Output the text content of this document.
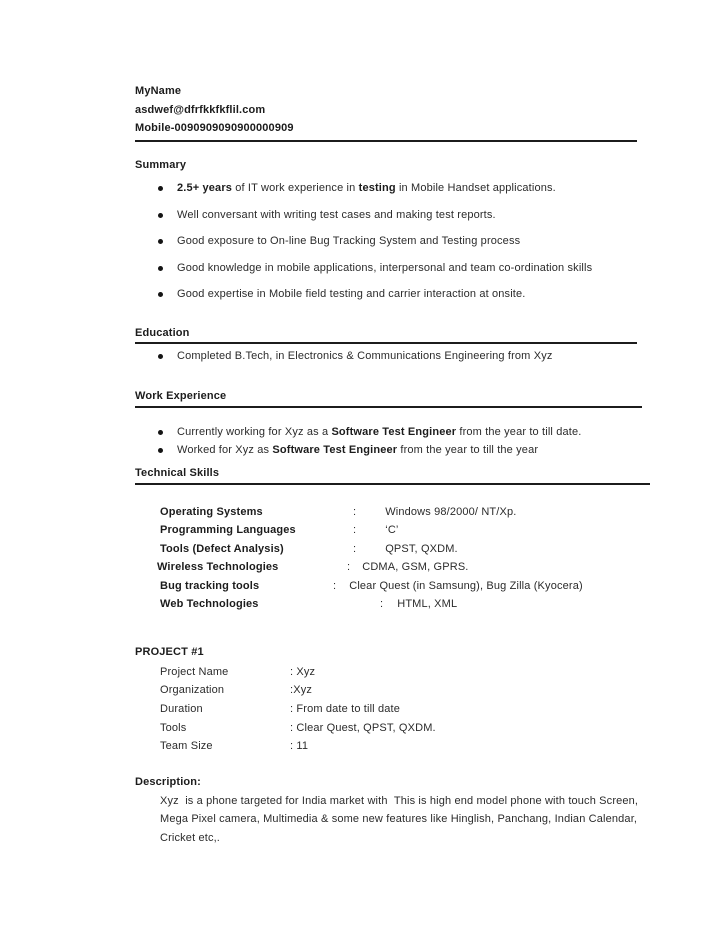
MyName
asdwef@dfrfkkfkflil.com
Mobile-0090909090900000909
Summary
2.5+ years of IT work experience in testing in Mobile Handset applications.
Well conversant with writing test cases and making test reports.
Good exposure to On-line Bug Tracking System and Testing process
Good knowledge in mobile applications, interpersonal and team co-ordination skills
Good expertise in Mobile field testing and carrier interaction at onsite.
Education
Completed B.Tech, in Electronics & Communications Engineering from Xyz
Work Experience
Currently working for Xyz as a Software Test Engineer from the year to till date.
Worked for Xyz as Software Test Engineer from the year to till the year
Technical Skills
Operating Systems	:	Windows 98/2000/ NT/Xp.
Programming Languages	:	‘C’
Tools (Defect Analysis)	:	QPST, QXDM.
Wireless Technologies	: CDMA, GSM, GPRS.
Bug tracking tools	: Clear Quest (in Samsung), Bug Zilla (Kyocera)
Web Technologies	: HTML, XML
PROJECT #1
Project Name	: Xyz
Organization	: Xyz
Duration	: From date to till date
Tools	: Clear Quest, QPST, QXDM.
Team Size	: 11
Description:
Xyz  is a phone targeted for India market with  This is high end model phone with touch Screen,
Mega Pixel camera, Multimedia & some new features like Hinglish, Panchang, Indian Calendar,
Cricket etc,.
